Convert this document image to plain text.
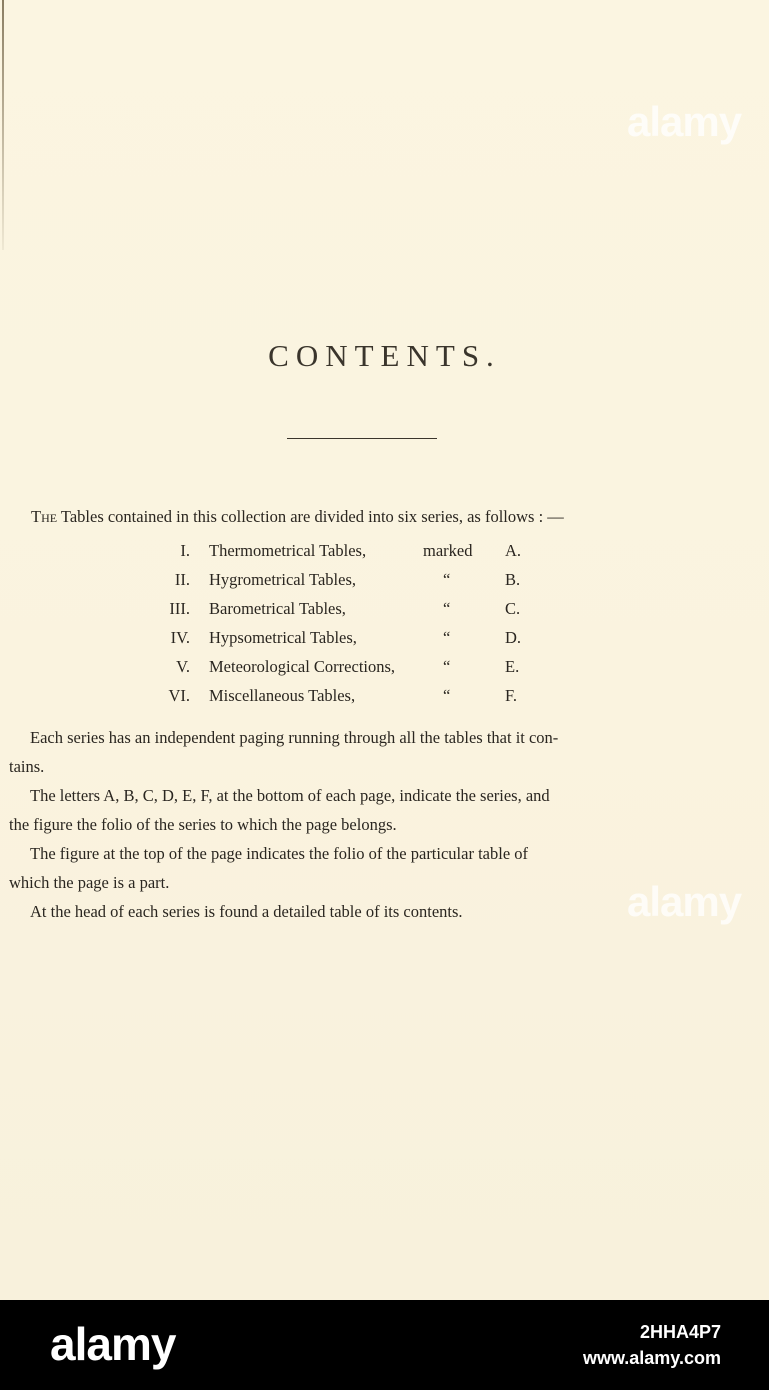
alamy
alamy
CONTENTS.
The Tables contained in this collection are divided into six series, as follows : —
I. Thermometrical Tables,	marked A.
II. Hygrometrical Tables,	“	B.
III. Barometrical Tables,	“	C.
IV. Hypsometrical Tables,	“	D.
V. Meteorological Corrections,	“	E.
VI. Miscellaneous Tables,	“	F.
Each series has an independent paging running through all the tables that it con-
tains.
The letters A, B, C, D, E, F, at the bottom of each page, indicate the series, and
the figure the folio of the series to which the page belongs.
The figure at the top of the page indicates the folio of the particular table of
which the page is a part.
At the head of each series is found a detailed table of its contents.
alamy	2HHA4P7
www.alamy.com
